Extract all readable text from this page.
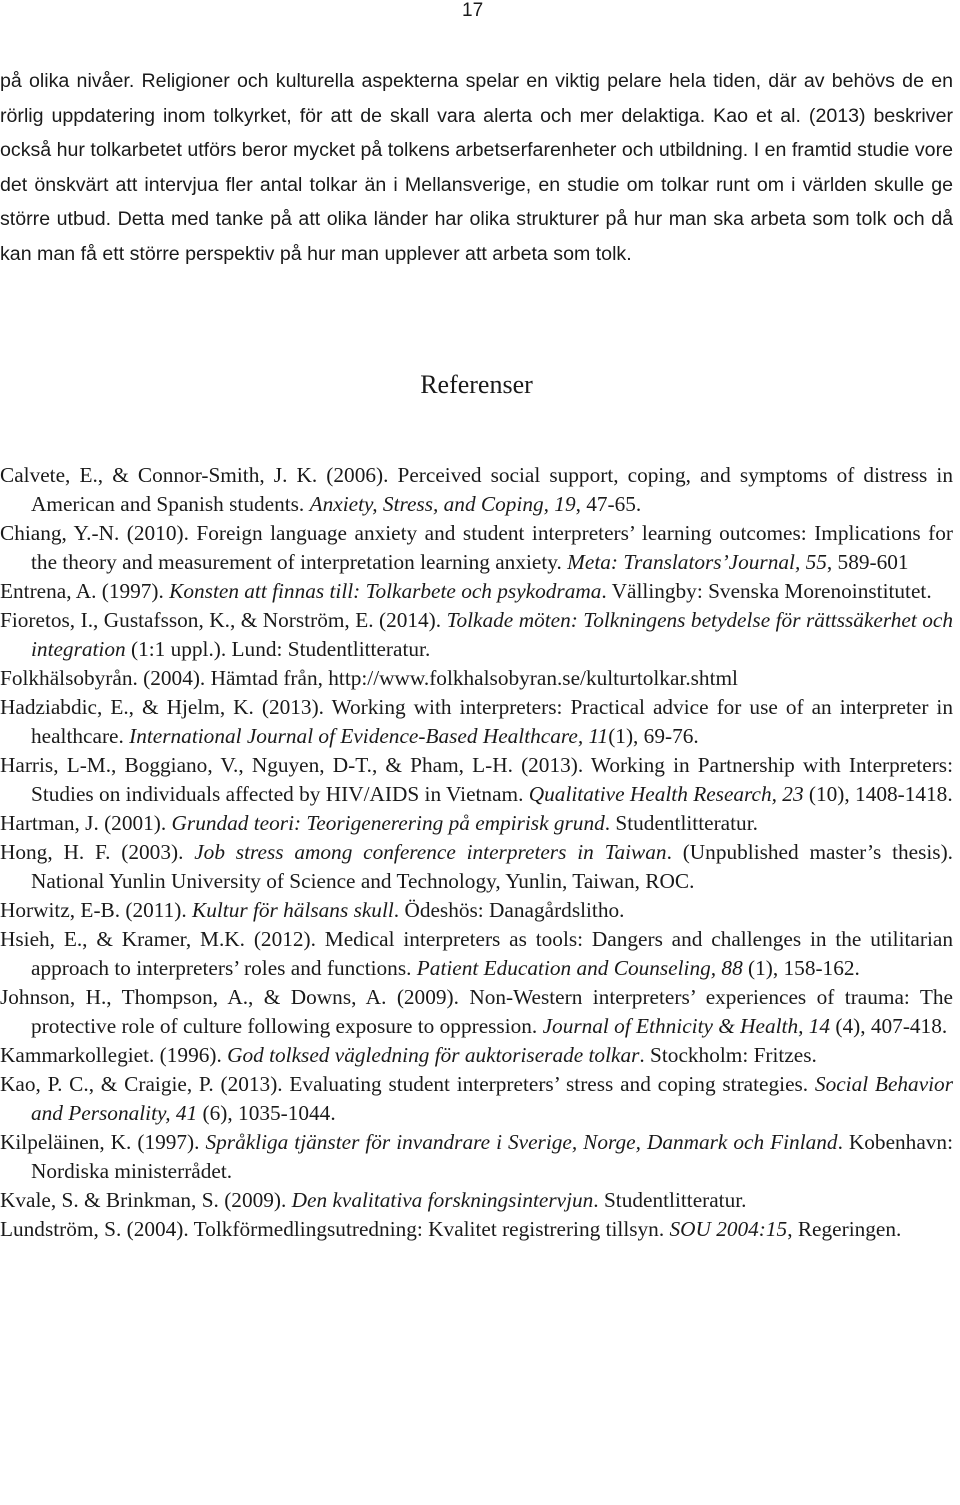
17

på olika nivåer. Religioner och kulturella aspekterna spelar en viktig pelare hela tiden, där av behövs de en rörlig uppdatering inom tolkyrket, för att de skall vara alerta och mer delaktiga. Kao et al. (2013) beskriver också hur tolkarbetet utförs beror mycket på tolkens arbetserfarenheter och utbildning. I en framtid studie vore det önskvärt att intervjua fler antal tolkar än i Mellansverige, en studie om tolkar runt om i världen skulle ge större utbud. Detta med tanke på att olika länder har olika strukturer på hur man ska arbeta som tolk och då kan man få ett större perspektiv på hur man upplever att arbeta som tolk.

Referenser
Calvete, E., & Connor-Smith, J. K. (2006). Perceived social support, coping, and symptoms of distress in American and Spanish students. Anxiety, Stress, and Coping, 19, 47-65.
Chiang, Y.-N. (2010). Foreign language anxiety and student interpreters’ learning outcomes: Implications for the theory and measurement of interpretation learning anxiety. Meta: Translators’Journal, 55, 589-601
Entrena, A. (1997). Konsten att finnas till: Tolkarbete och psykodrama. Vällingby: Svenska Morenoinstitutet.
Fioretos, I., Gustafsson, K., & Norström, E. (2014). Tolkade möten: Tolkningens betydelse för rättssäkerhet och integration (1:1 uppl.). Lund: Studentlitteratur.
Folkhälsobyrån. (2004). Hämtad från, http://www.folkhalsobyran.se/kulturtolkar.shtml
Hadziabdic, E., & Hjelm, K. (2013). Working with interpreters: Practical advice for use of an interpreter in healthcare. International Journal of Evidence-Based Healthcare, 11(1), 69-76.
Harris, L-M., Boggiano, V., Nguyen, D-T., & Pham, L-H. (2013). Working in Partnership with Interpreters: Studies on individuals affected by HIV/AIDS in Vietnam. Qualitative Health Research, 23 (10), 1408-1418.
Hartman, J. (2001). Grundad teori: Teorigenerering på empirisk grund. Studentlitteratur.
Hong, H. F. (2003). Job stress among conference interpreters in Taiwan. (Unpublished master’s thesis). National Yunlin University of Science and Technology, Yunlin, Taiwan, ROC.
Horwitz, E-B. (2011). Kultur för hälsans skull. Ödeshös: Danagårdslitho.
Hsieh, E., & Kramer, M.K. (2012). Medical interpreters as tools: Dangers and challenges in the utilitarian approach to interpreters’ roles and functions. Patient Education and Counseling, 88 (1), 158-162.
Johnson, H., Thompson, A., & Downs, A. (2009). Non-Western interpreters’ experiences of trauma: The protective role of culture following exposure to oppression. Journal of Ethnicity & Health, 14 (4), 407-418.
Kammarkollegiet. (1996). God tolksed vägledning för auktoriserade tolkar. Stockholm: Fritzes.
Kao, P. C., & Craigie, P. (2013). Evaluating student interpreters’ stress and coping strategies. Social Behavior and Personality, 41 (6), 1035-1044.
Kilpeläinen, K. (1997). Språkliga tjänster för invandrare i Sverige, Norge, Danmark och Finland. Kobenhavn: Nordiska ministerrådet.
Kvale, S. & Brinkman, S. (2009). Den kvalitativa forskningsintervjun. Studentlitteratur.
Lundström, S. (2004). Tolkförmedlingsutredning: Kvalitet registrering tillsyn. SOU 2004:15, Regeringen.
